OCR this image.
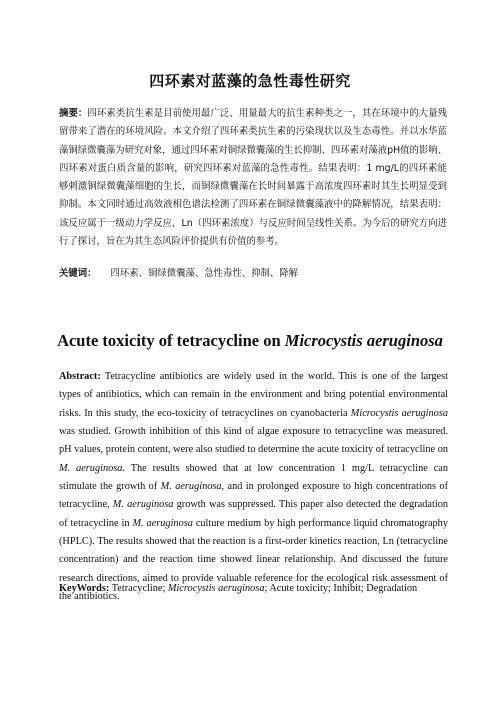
四环素对蓝藻的急性毒性研究
摘要：四环素类抗生素是目前使用最广泛、用量最大的抗生素种类之一，其在环境中的大量残留带来了潜在的环境风险。本文介绍了四环素类抗生素的污染现状以及生态毒性。并以水华蓝藻铜绿微囊藻为研究对象，通过四环素对铜绿微囊藻的生长抑制、四环素对藻液pH值的影响、四环素对蛋白质含量的影响，研究四环素对蓝藻的急性毒性。结果表明：1 mg/L的四环素能够刺激铜绿微囊藻细胞的生长，而铜绿微囊藻在长时间暴露于高浓度四环素时其生长明显受到抑制。本文同时通过高效液相色谱法检测了四环素在铜绿微囊藻液中的降解情况，结果表明：该反应属于一级动力学反应，Ln（四环素浓度）与反应时间呈线性关系。为今后的研究方向进行了探讨，旨在为其生态风险评价提供有价值的参考。
关键词： 四环素、铜绿微囊藻、急性毒性、抑制、降解
Acute toxicity of tetracycline on Microcystis aeruginosa
Abstract: Tetracycline antibiotics are widely used in the world. This is one of the largest types of antibiotics, which can remain in the environment and bring potential environmental risks. In this study, the eco-toxicity of tetracyclines on cyanobacteria Microcystis aeruginosa was studied. Growth inhibition of this kind of algae exposure to tetracycline was measured. pH values, protein content, were also studied to determine the acute toxicity of tetracycline on M. aeruginosa. The results showed that at low concentration 1 mg/L tetracycline can stimulate the growth of M. aeruginosa, and in prolonged exposure to high concentrations of tetracycline, M. aeruginosa growth was suppressed. This paper also detected the degradation of tetracycline in M. aeruginosa culture medium by high performance liquid chromatography (HPLC). The results showed that the reaction is a first-order kinetics reaction, Ln (tetracycline concentration) and the reaction time showed linear relationship. And discussed the future research directions, aimed to provide valuable reference for the ecological risk assessment of the antibiotics.
KeyWords: Tetracycline; Microcystis aeruginosa; Acute toxicity; Inhibit; Degradation
